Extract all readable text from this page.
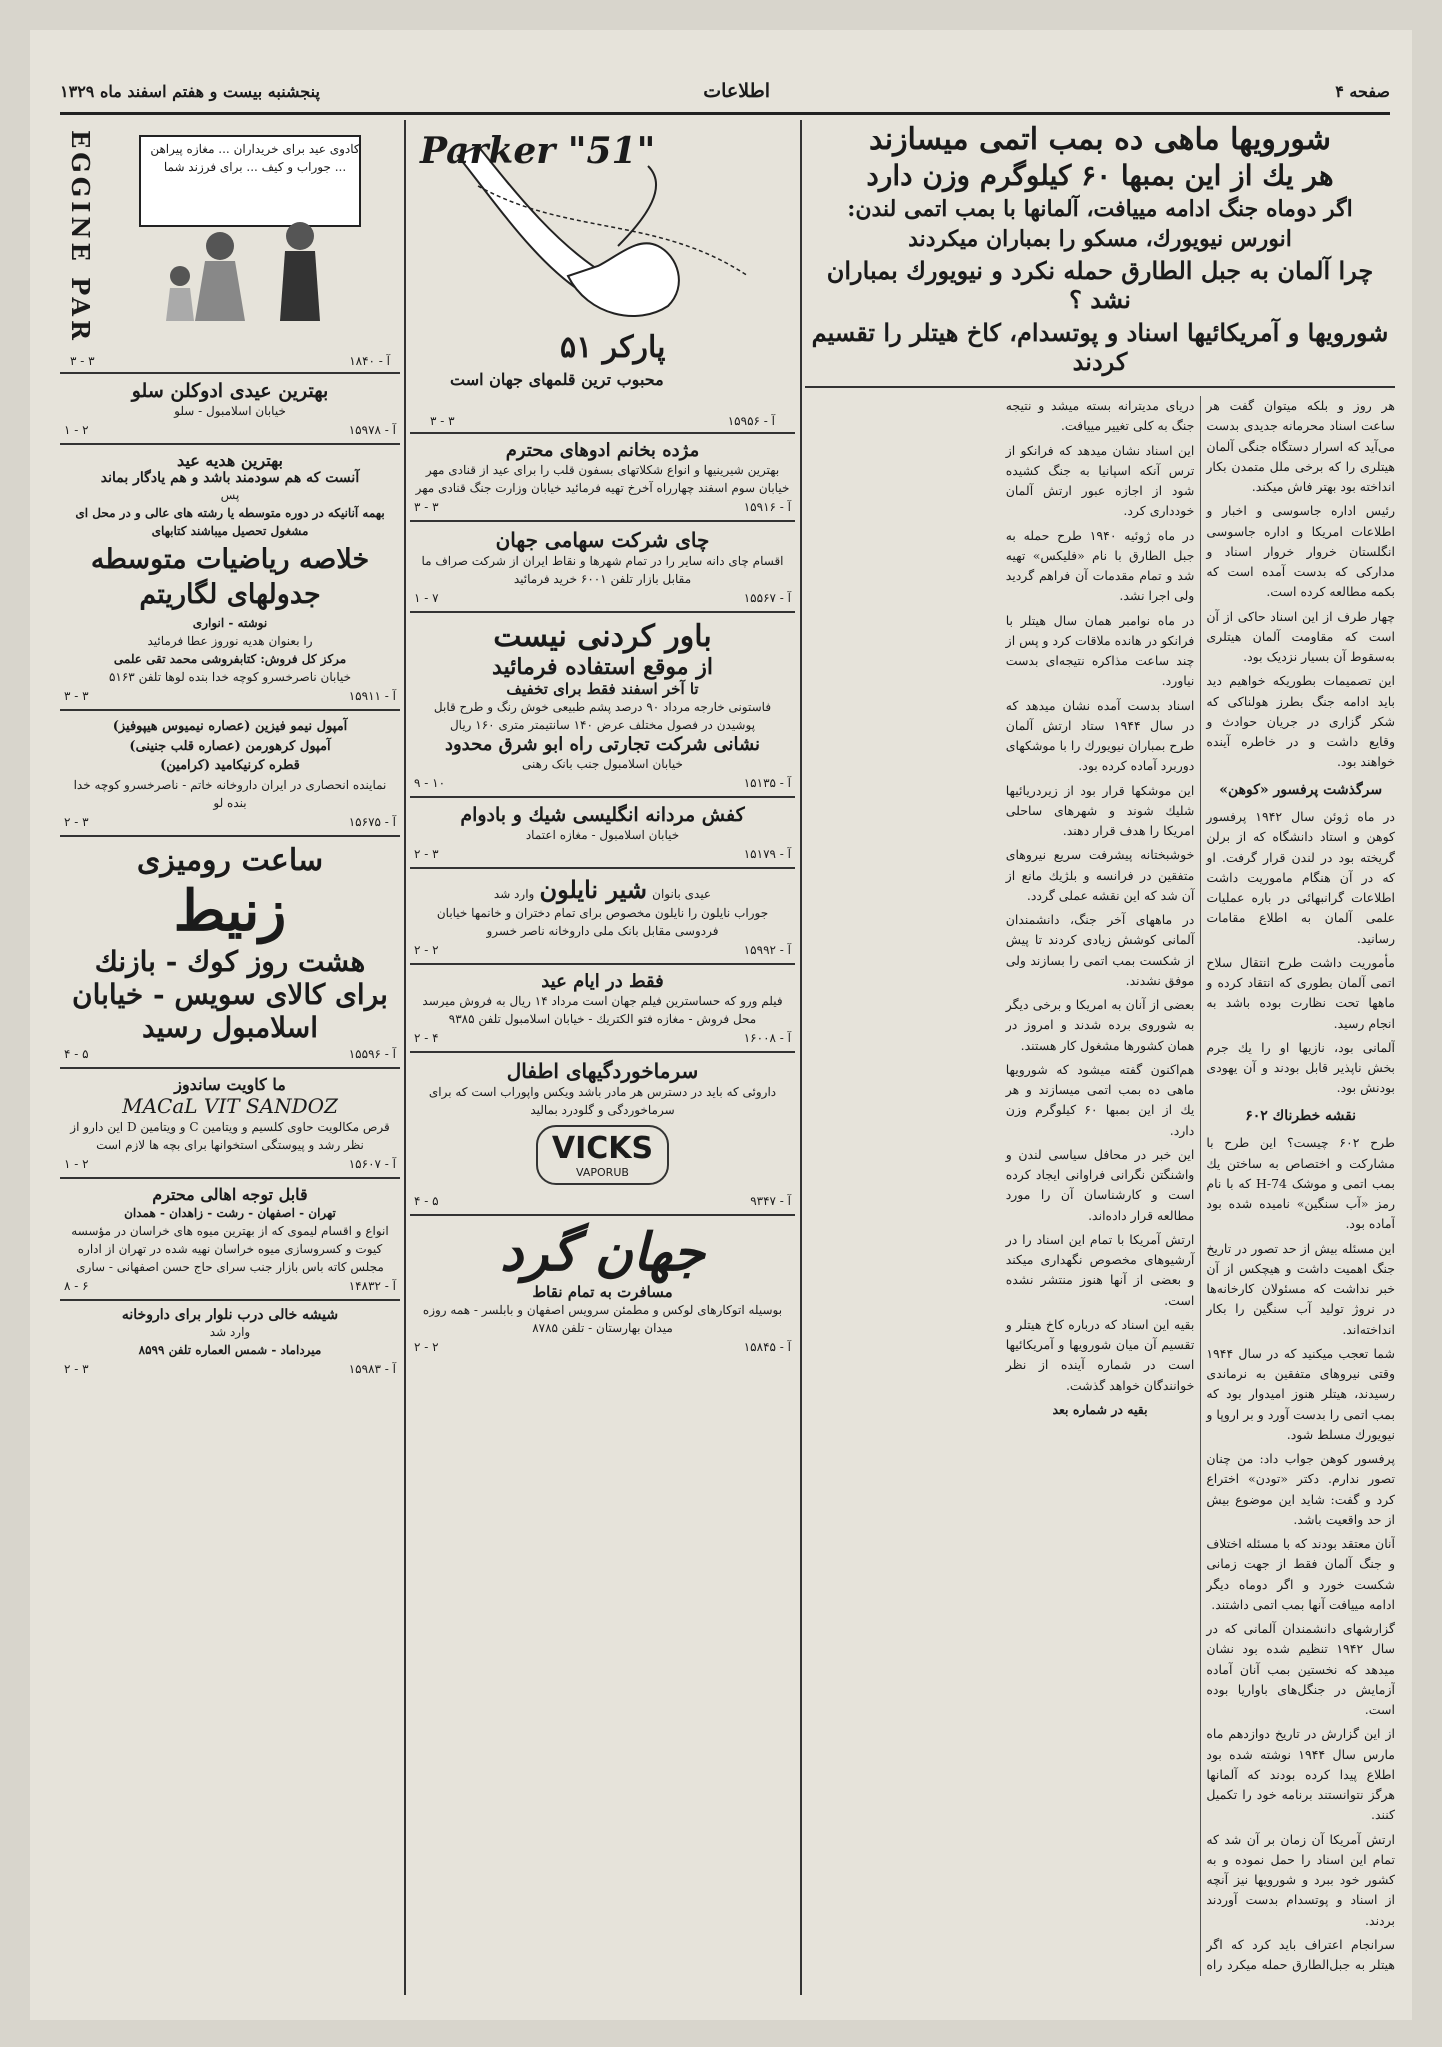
صفحه ۴
اطلاعات
پنجشنبه بیست و هفتم اسفند ماه ۱۳۲۹
شورویها ماهی ده بمب اتمی میسازند
هر یك از این بمبها ۶۰ کیلوگرم وزن دارد
اگر دوماه جنگ ادامه مییافت، آلمانها با بمب اتمی لندن:
انورس نیویورك، مسکو را بمباران میکردند
چرا آلمان به جبل الطارق حمله نکرد و نیویورك بمباران نشد ؟
شورویها و آمریکائیها اسناد و پوتسدام، کاخ هیتلر را تقسیم کردند

هر روز و بلکه میتوان گفت هر ساعت اسناد محرمانه جدیدی بدست می‌آید که اسرار دستگاه جنگی آلمان هیتلری را که برخی ملل متمدن بکار انداخته بود بهتر فاش میکند.

رئیس اداره جاسوسی و اخبار و اطلاعات امریکا و اداره جاسوسی انگلستان خروار خروار اسناد و مدارکی که بدست آمده است که بکمه مطالعه کرده است.

چهار طرف از این اسناد حاکی از آن است که مقاومت آلمان هیتلری به‌سقوط آن بسیار نزدیک بود.

این تصمیمات بطوریکه خواهیم دید باید ادامه جنگ بطرز هولناکی که شکر گزاری در جریان حوادث و وقایع داشت و در خاطره آینده خواهند بود.

سرگذشت پرفسور «کوهن»

در ماه ژوئن سال ۱۹۴۲ پرفسور کوهن و استاد دانشگاه که از برلن گریخته بود در لندن قرار گرفت. او که در آن هنگام ماموریت داشت اطلاعات گرانبهائی در باره عملیات علمی آلمان به اطلاع مقامات رسانید.

مأموریت داشت طرح انتقال سلاح اتمی آلمان بطوری که انتقاد کرده و ماهها تحت نظارت بوده باشد به انجام رسید.

آلمانی بود، نازیها او را یك جرم بخش ناپذیر قابل بودند و آن یهودی بودنش بود.

نقشه خطرناك ۶۰۲

طرح ۶۰۲ چیست؟ این طرح با مشارکت و اختصاص به ساختن یك بمب اتمی و موشک H-74 که با نام رمز «آب سنگین» نامیده شده بود آماده بود.

این مسئله بیش از حد تصور در تاریخ جنگ اهمیت داشت و هیچکس از آن خبر نداشت که مسئولان کارخانه‌ها در نروژ تولید آب سنگین را بکار انداخته‌اند.

شما تعجب میکنید که در سال ۱۹۴۴ وقتی نیروهای متفقین به نرماندی رسیدند، هیتلر هنوز امیدوار بود که بمب اتمی را بدست آورد و بر اروپا و نیویورك مسلط شود.

پرفسور کوهن جواب داد: من چنان تصور ندارم. دکتر «تودن» اختراع کرد و گفت: شاید این موضوع بیش از حد واقعیت باشد.

آنان معتقد بودند که با مسئله اختلاف و جنگ آلمان فقط از جهت زمانی شکست خورد و اگر دوماه دیگر ادامه مییافت آنها بمب اتمی داشتند.

گزارشهای دانشمندان آلمانی که در سال ۱۹۴۲ تنظیم شده بود نشان میدهد که نخستین بمب آنان آماده آزمایش در جنگل‌های باواریا بوده است.

از این گزارش در تاریخ دوازدهم ماه مارس سال ۱۹۴۴ نوشته شده بود اطلاع پیدا کرده بودند که آلمانها هرگز نتوانستند برنامه خود را تکمیل کنند.

ارتش آمریکا آن زمان بر آن شد که تمام این اسناد را حمل نموده و به کشور خود ببرد و شورویها نیز آنچه از اسناد و پوتسدام بدست آوردند بردند.

سرانجام اعتراف باید کرد که اگر هیتلر به جبل‌الطارق حمله میکرد راه دریای مدیترانه بسته میشد و نتیجه جنگ به کلی تغییر مییافت.

این اسناد نشان میدهد که فرانکو از ترس آنکه اسپانیا به جنگ کشیده شود از اجازه عبور ارتش آلمان خودداری کرد.

در ماه ژوئیه ۱۹۴۰ طرح حمله به جبل الطارق با نام «فلیکس» تهیه شد و تمام مقدمات آن فراهم گردید ولی اجرا نشد.

در ماه نوامبر همان سال هیتلر با فرانکو در هانده ملاقات کرد و پس از چند ساعت مذاکره نتیجه‌ای بدست نیاورد.

اسناد بدست آمده نشان میدهد که در سال ۱۹۴۴ ستاد ارتش آلمان طرح بمباران نیویورك را با موشکهای دوربرد آماده کرده بود.

این موشکها قرار بود از زیردریائیها شلیك شوند و شهرهای ساحلی امریکا را هدف قرار دهند.

خوشبختانه پیشرفت سریع نیروهای متفقین در فرانسه و بلژیك مانع از آن شد که این نقشه عملی گردد.

در ماههای آخر جنگ، دانشمندان آلمانی کوشش زیادی کردند تا پیش از شکست بمب اتمی را بسازند ولی موفق نشدند.

بعضی از آنان به امریکا و برخی دیگر به شوروی برده شدند و امروز در همان کشورها مشغول کار هستند.

هم‌اکنون گفته میشود که شورویها ماهی ده بمب اتمی میسازند و هر یك از این بمبها ۶۰ کیلوگرم وزن دارد.

این خبر در محافل سیاسی لندن و واشنگتن نگرانی فراوانی ایجاد کرده است و کارشناسان آن را مورد مطالعه قرار داده‌اند.

ارتش آمریکا با تمام این اسناد را در آرشیوهای مخصوص نگهداری میکند و بعضی از آنها هنوز منتشر نشده است.

بقیه این اسناد که درباره کاخ هیتلر و تقسیم آن میان شورویها و آمریکائیها است در شماره آینده از نظر خوانندگان خواهد گذشت.

بقیه در شماره بعد

Parker "51"
پارکر ۵۱
محبوب ترین قلمهای جهان است
۳ - ۳	آ - ۱۵۹۵۶
مژده بخانم ادوهای محترم
بهترین شیرینیها و انواع شکلاتهای بسفون قلب را برای عید از قنادی مهر خیابان سوم اسفند چهارراه آخرخ تهیه فرمائید خیابان وزارت جنگ قنادی مهر
۳ - ۳	آ - ۱۵۹۱۶
چای شرکت سهامی جهان
اقسام چای دانه سایر را در تمام شهرها و نقاط ایران از شرکت صراف ما مقابل بازار تلفن ۶۰۰۱ خرید فرمائید
۱ - ۷	آ - ۱۵۵۶۷
باور کردنی نیست
از موقع استفاده فرمائید
تا آخر اسفند فقط برای تخفیف
فاستونی خارجه مرداد ۹۰ درصد پشم طبیعی خوش رنگ و طرح قابل پوشیدن در فصول مختلف عرض ۱۴۰ سانتیمتر متری ۱۶۰ ریال
نشانی شرکت تجارتی راه ابو شرق محدود
خیابان اسلامبول جنب بانک رهنی
۹ - ۱۰	آ - ۱۵۱۳۵
کفش مردانه انگلیسی شیك و بادوام
خیابان اسلامبول - مغازه اعتماد
۲ - ۳	آ - ۱۵۱۷۹
عیدی بانوان شیر نایلون وارد شد
جوراب نایلون را نایلون مخصوص برای تمام دختران و خانمها خیابان فردوسی مقابل بانک ملی داروخانه ناصر خسرو
۲ - ۲	آ - ۱۵۹۹۲
فقط در ایام عید
فیلم ورو که حساسترین فیلم جهان است مرداد ۱۴ ریال به فروش میرسد محل فروش - مغازه فتو الکتریك - خیابان اسلامبول تلفن ۹۳۸۵
۲ - ۴	آ - ۱۶۰۰۸
سرماخوردگیهای اطفال
داروئی که باید در دسترس هر مادر باشد ویکس واپوراب است که برای سرماخوردگی و گلودرد بمالید
VICKS
VAPORUB
۴ - ۵	آ - ۹۳۴۷
جهان گرد
مسافرت به تمام نقاط
بوسیله اتوکارهای لوکس و مطمئن سرویس اصفهان و بابلسر - همه روزه
میدان بهارستان - تلفن ۸۷۸۵
۲ - ۲	آ - ۱۵۸۴۵
کادوی عید برای خریداران ... مغازه پیراهن ... جوراب و کیف ... برای فرزند شما
EGGINE PAR
۳ - ۳	آ - ۱۸۴۰
بهترین عیدی ادوکلن سلو
خیابان اسلامبول - سلو
۱ - ۲	آ - ۱۵۹۷۸
بهترین هدیه عید
آنست که هم سودمند باشد و هم یادگار بماند
پس
بهمه آنانیکه در دوره متوسطه یا رشته های عالی و در محل ای مشغول تحصیل میباشند کتابهای
خلاصه ریاضیات متوسطه
جدولهای لگاریتم
نوشته - انواری
را بعنوان هدیه نوروز عطا فرمائید
مرکز کل فروش: کتابفروشی محمد تقی علمی
خیابان ناصرخسرو کوچه خدا بنده لوها تلفن ۵۱۶۳
۳ - ۳	آ - ۱۵۹۱۱
آمپول نیمو فیزین (عصاره نیمیوس هیپوفیز)
آمپول کرهورمن (عصاره قلب جنینی)
قطره کرنیکامید (کرامین)
نماینده انحصاری در ایران داروخانه خاتم - ناصرخسرو کوچه خدا بنده لو
۲ - ۳	آ - ۱۵۶۷۵
ساعت رومیزی
زنیط
هشت روز کوك - بازنك
برای کالای سویس - خیابان
اسلامبول رسید
۴ - ۵	آ - ۱۵۵۹۶
ما کاویت ساندوز
MACaL VIT SANDOZ
قرص مکالویت حاوی کلسیم و ویتامین C و ویتامین D این دارو از نظر رشد و پیوستگی استخوانها برای بچه ها لازم است
۱ - ۲	آ - ۱۵۶۰۷
قابل توجه اهالی محترم
تهران - اصفهان - رشت - زاهدان - همدان
انواع و اقسام لیموی که از بهترین میوه های خراسان در مؤسسه کیوت و کسروسازی میوه خراسان نهیه شده در تهران از اداره مجلس کاته باس بازار جنب سرای حاج حسن اصفهانی - ساری
۸ - ۶	آ - ۱۴۸۳۲
شیشه خالی درب نلوار برای داروخانه
وارد شد
میرداماد - شمس العماره تلفن ۸۵۹۹
۲ - ۳	آ - ۱۵۹۸۳
